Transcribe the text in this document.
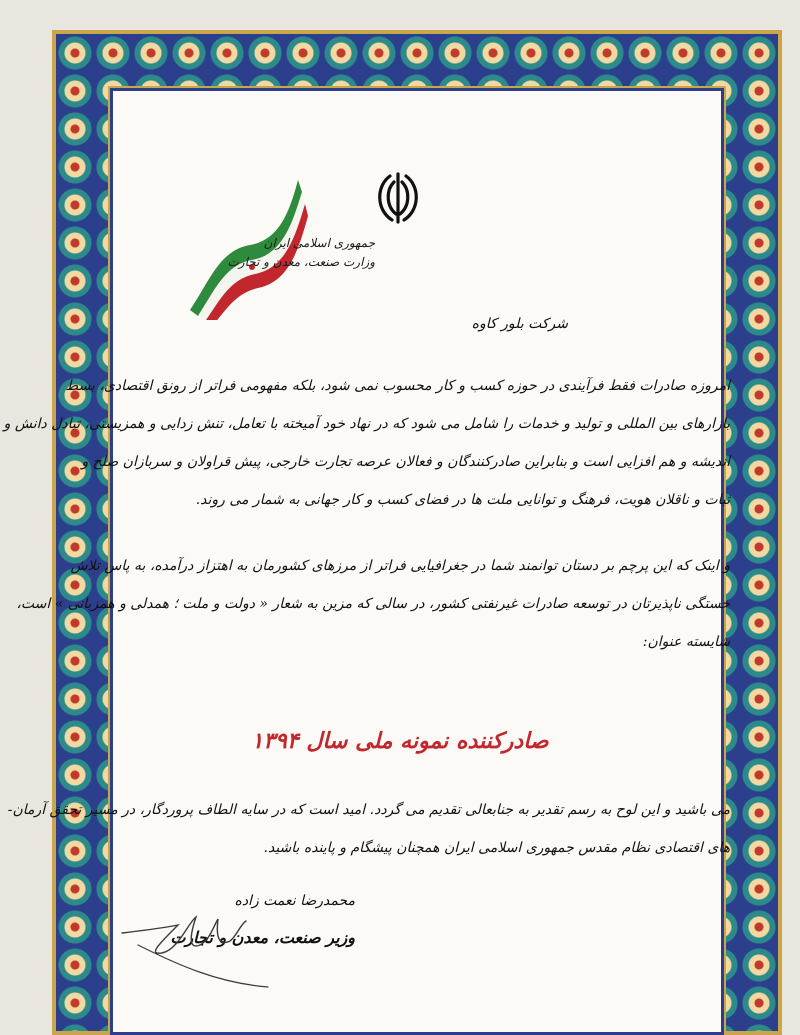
جمهوری اسلامی ایران
وزارت صنعت، معدن و تجارت
شرکت بلور کاوه
امروزه صادرات فقط فرآیندی در حوزه کسب و کار محسوب نمی شود، بلکه مفهومی فراتر از رونق اقتصادی، بسط
بازارهای بین المللی و تولید و خدمات را شامل می شود که در نهاد خود آمیخته با تعامل، تنش زدایی و همزیستی، تبادل دانش و
اندیشه و هم افزایی است و بنابراین صادرکنندگان و فعالان عرصه تجارت خارجی، پیش قراولان و سربازان صلح و
ثبات و ناقلان هویت، فرهنگ و توانایی ملت ها در فضای کسب و کار جهانی به شمار می روند.
و اینک که این پرچم بر دستان توانمند شما در جغرافیایی فراتر از مرزهای کشورمان به اهتزاز درآمده، به پاس تلاش
خستگی ناپذیرتان در توسعه صادرات غیرنفتی کشور، در سالی که مزین به شعار « دولت و ملت ؛ همدلی و همزبانی » است،
شایسته عنوان:
صادرکننده نمونه ملی سال ۱۳۹۴
می باشید و این لوح به رسم تقدیر به جنابعالی تقدیم می گردد. امید است که در سایه الطاف پروردگار، در مسیر تحقق آرمان-
های اقتصادی نظام مقدس جمهوری اسلامی ایران همچنان پیشگام و پاینده باشید.
محمدرضا نعمت زاده
وزیر صنعت، معدن و تجارت
